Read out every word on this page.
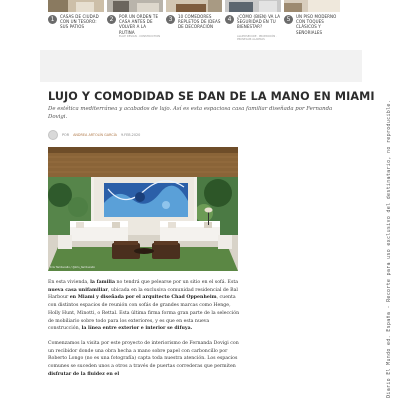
1	CASAS DE CIUDAD CON UN TESORO: SUS PATIOS
2	POR UN ORDEN TE CASA ANTES DE VOLVER A LA RUTINA
ELLIE DESIGN · CONSTRUCTION
3	10 COMEDORES REPLETOS DE IDEAS DE DECORACIÓN
4	¿CÓMO (BIEN) VA LA SEGURIDAD EN TU BIENESTAR?
ALLIEDSECURE · PROMOCIÓN · PROSEGUR ALARMAS
5	UN PISO MODERNO CON TOQUES CLÁSICOS Y SEÑORIALES
LUJO Y COMODIDAD SE DAN DE LA MANO EN MIAMI

De estética mediterránea y acabados de lujo. Así es esta espaciosa casa familiar diseñada por Fernanda Dovigi.

POR ANDREA ARTOLÍN GARCÍA 9.FEB.2020
Kris Tamburello / @kris_tamburello

En esta vivienda, la familia no tendrá que pelearse por un sitio en el sofá. Esta nueva casa unifamiliar, ubicada en la exclusiva comunidad residencial de Bal Harbour en Miami y diseñada por el arquitecto Chad Oppenheim, cuenta con distintos espacios de reunión con sofás de grandes marcas como Henge, Holly Hunt, Minotti, o Rettal. Esta última firma forma gran parte de la selección de mobiliario sobre todo para los exteriores, y es que en esta nueva construcción, la línea entre exterior e interior se difuya.

Comenzamos la visita por este proyecto de interiorismo de Fernanda Dovigi con un recibidor donde una obra hecha a mano sobre papel con carboncillo por Roberto Longo (no es una fotografía) capta toda nuestra atención. Los espacios comunes se suceden unos a otros a través de puertas correderas que permiten disfrutar de la fluidez en el	Diario El Mundo ed. España - Recorte para uso exclusivo del destinatario, no reproducible.
